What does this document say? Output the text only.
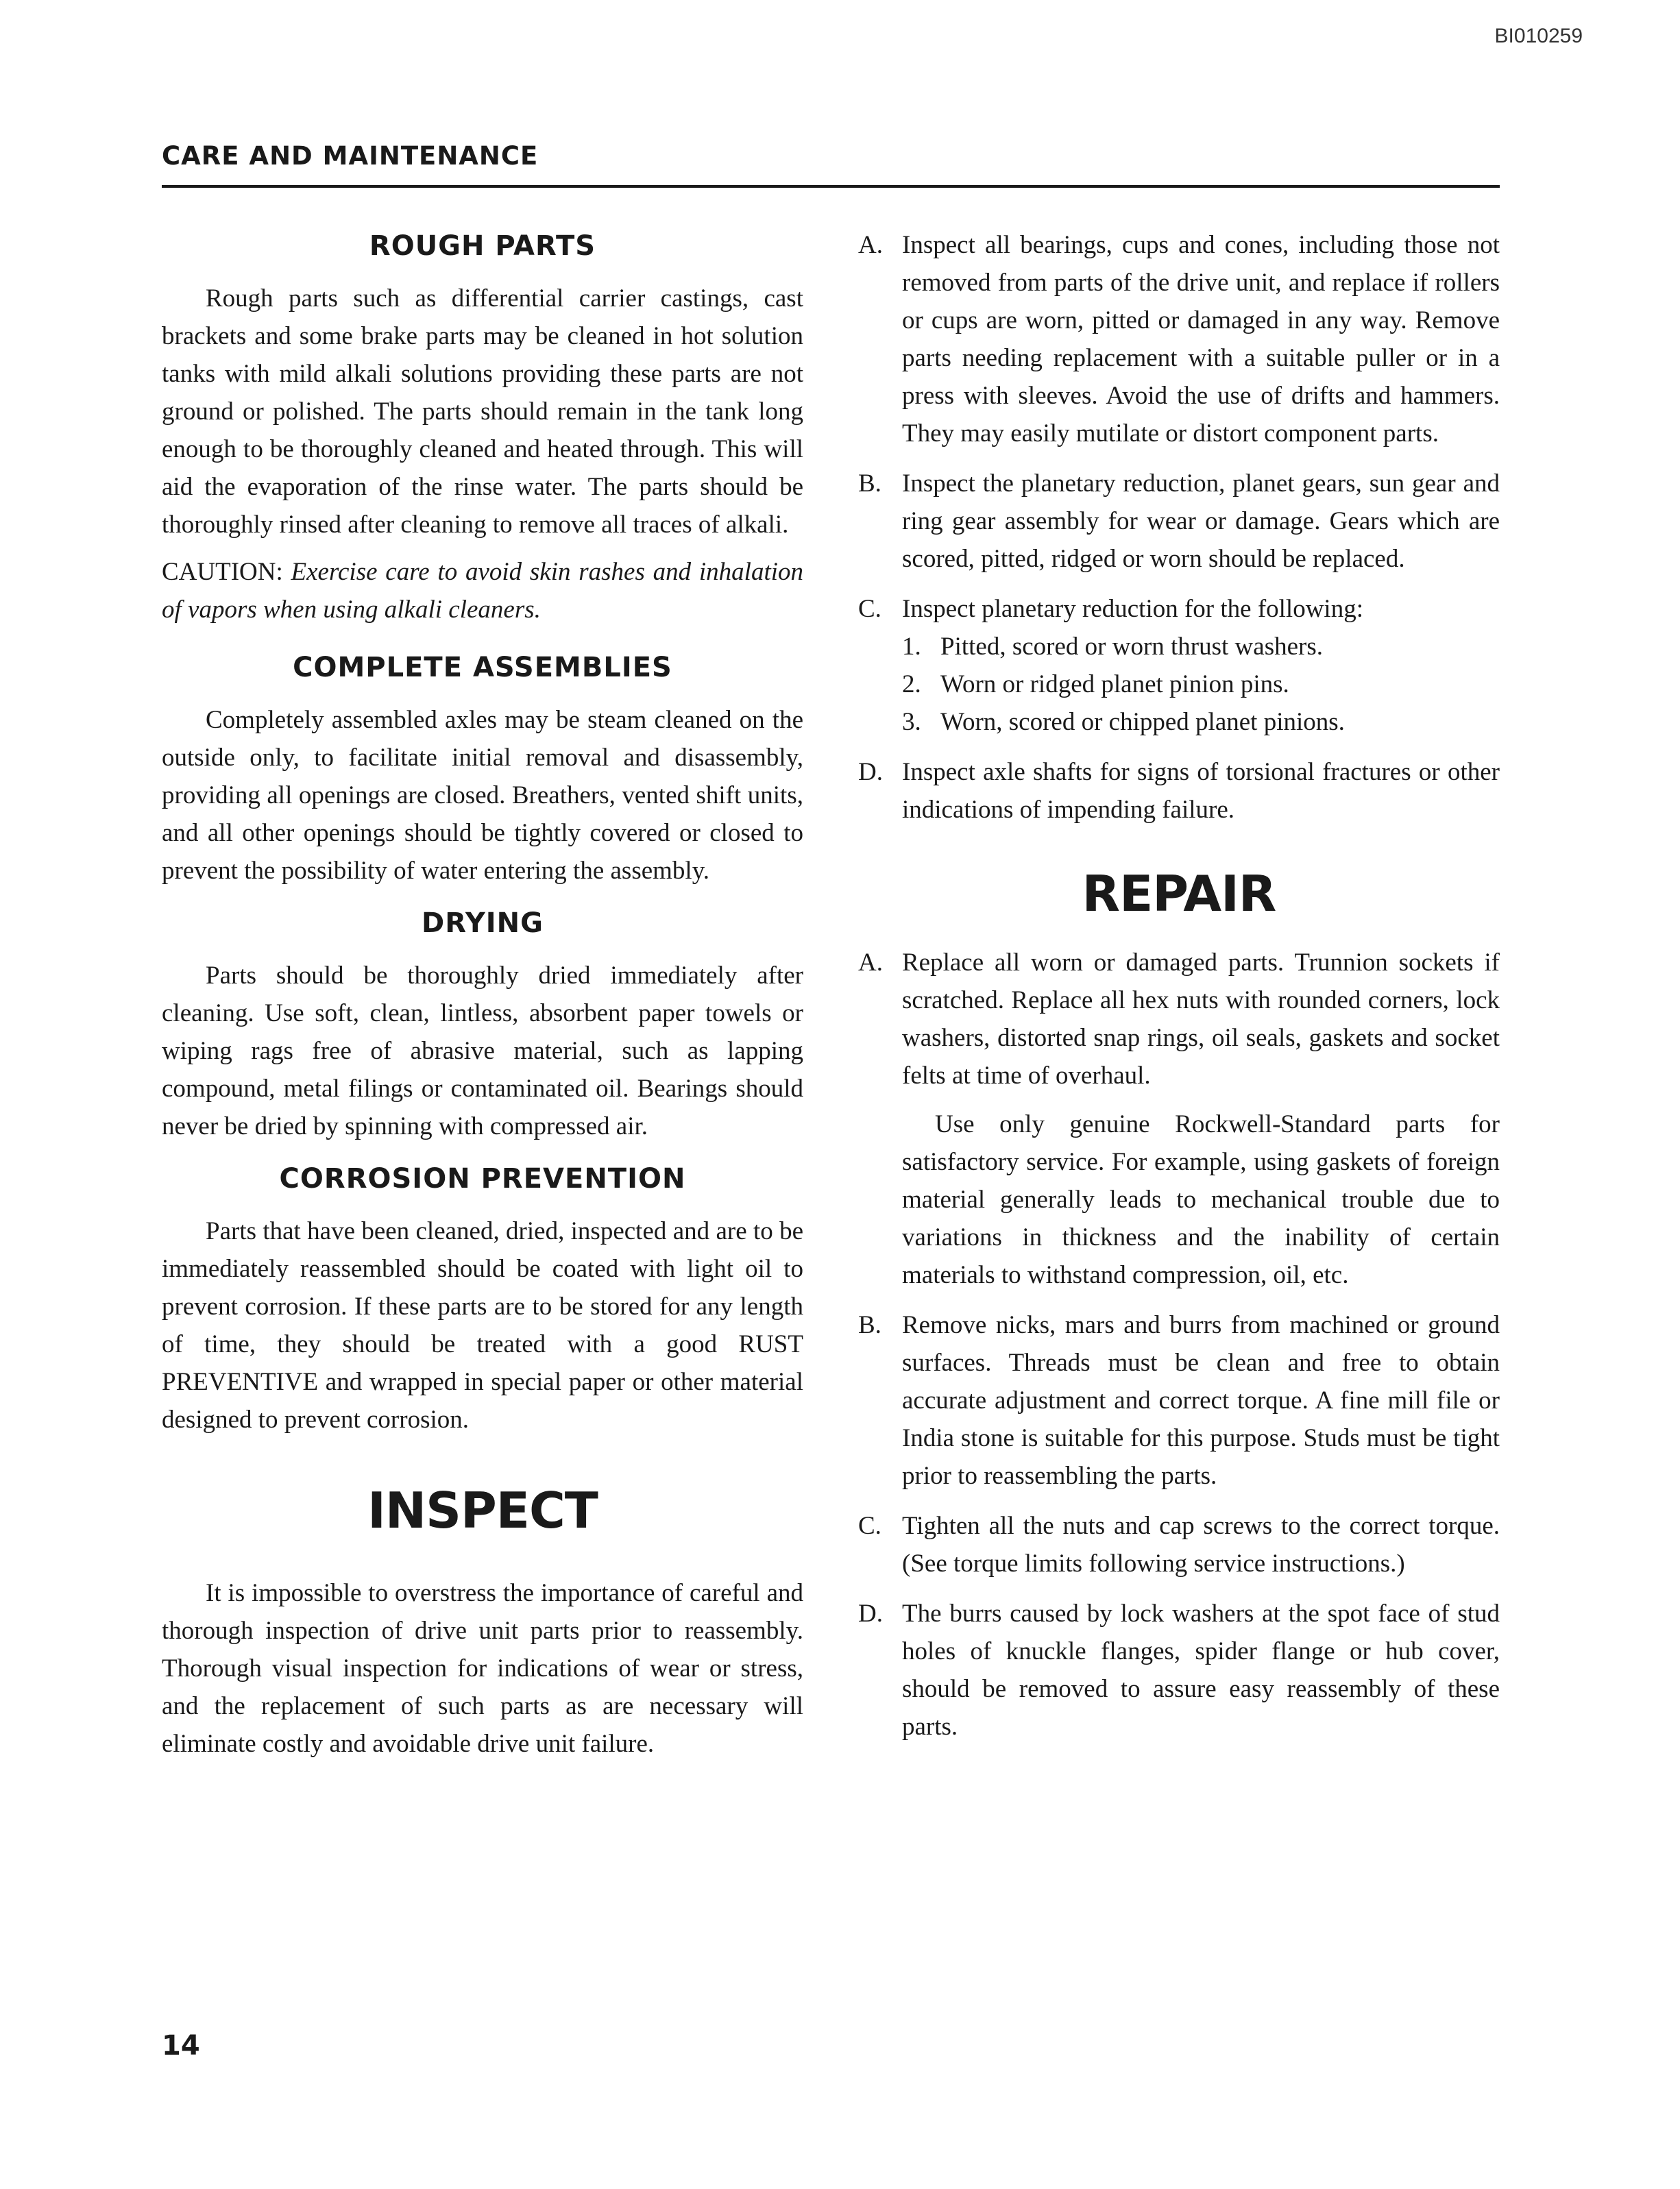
BI010259
CARE AND MAINTENANCE
ROUGH PARTS

Rough parts such as differential carrier castings, cast brackets and some brake parts may be cleaned in hot solution tanks with mild alkali solutions providing these parts are not ground or polished. The parts should remain in the tank long enough to be thoroughly cleaned and heated through. This will aid the evaporation of the rinse water. The parts should be thoroughly rinsed after cleaning to remove all traces of alkali.

CAUTION: Exercise care to avoid skin rashes and inhalation of vapors when using alkali cleaners.

COMPLETE ASSEMBLIES

Completely assembled axles may be steam cleaned on the outside only, to facilitate initial removal and disassembly, providing all openings are closed. Breathers, vented shift units, and all other openings should be tightly covered or closed to prevent the possibility of water entering the assembly.

DRYING

Parts should be thoroughly dried immediately after cleaning. Use soft, clean, lintless, absorbent paper towels or wiping rags free of abrasive material, such as lapping compound, metal filings or contaminated oil. Bearings should never be dried by spinning with compressed air.

CORROSION PREVENTION

Parts that have been cleaned, dried, inspected and are to be immediately reassembled should be coated with light oil to prevent corrosion. If these parts are to be stored for any length of time, they should be treated with a good RUST PREVENTIVE and wrapped in special paper or other material designed to prevent corrosion.

INSPECT

It is impossible to overstress the importance of careful and thorough inspection of drive unit parts prior to reassembly. Thorough visual inspection for indications of wear or stress, and the replacement of such parts as are necessary will eliminate costly and avoidable drive unit failure.

A. Inspect all bearings, cups and cones, including those not removed from parts of the drive unit, and replace if rollers or cups are worn, pitted or damaged in any way. Remove parts needing replacement with a suitable puller or in a press with sleeves. Avoid the use of drifts and hammers. They may easily mutilate or distort component parts.

B. Inspect the planetary reduction, planet gears, sun gear and ring gear assembly for wear or damage. Gears which are scored, pitted, ridged or worn should be replaced.

C. Inspect planetary reduction for the following:

1. Pitted, scored or worn thrust washers.
2. Worn or ridged planet pinion pins.
3. Worn, scored or chipped planet pinions.
D. Inspect axle shafts for signs of torsional fractures or other indications of impending failure.

REPAIR
A. Replace all worn or damaged parts. Trunnion sockets if scratched. Replace all hex nuts with rounded corners, lock washers, distorted snap rings, oil seals, gaskets and socket felts at time of overhaul.

Use only genuine Rockwell-Standard parts for satisfactory service. For example, using gaskets of foreign material generally leads to mechanical trouble due to variations in thickness and the inability of certain materials to withstand compression, oil, etc.

B. Remove nicks, mars and burrs from machined or ground surfaces. Threads must be clean and free to obtain accurate adjustment and correct torque. A fine mill file or India stone is suitable for this purpose. Studs must be tight prior to reassembling the parts.

C. Tighten all the nuts and cap screws to the correct torque. (See torque limits following service instructions.)

D. The burrs caused by lock washers at the spot face of stud holes of knuckle flanges, spider flange or hub cover, should be removed to assure easy reassembly of these parts.

14
